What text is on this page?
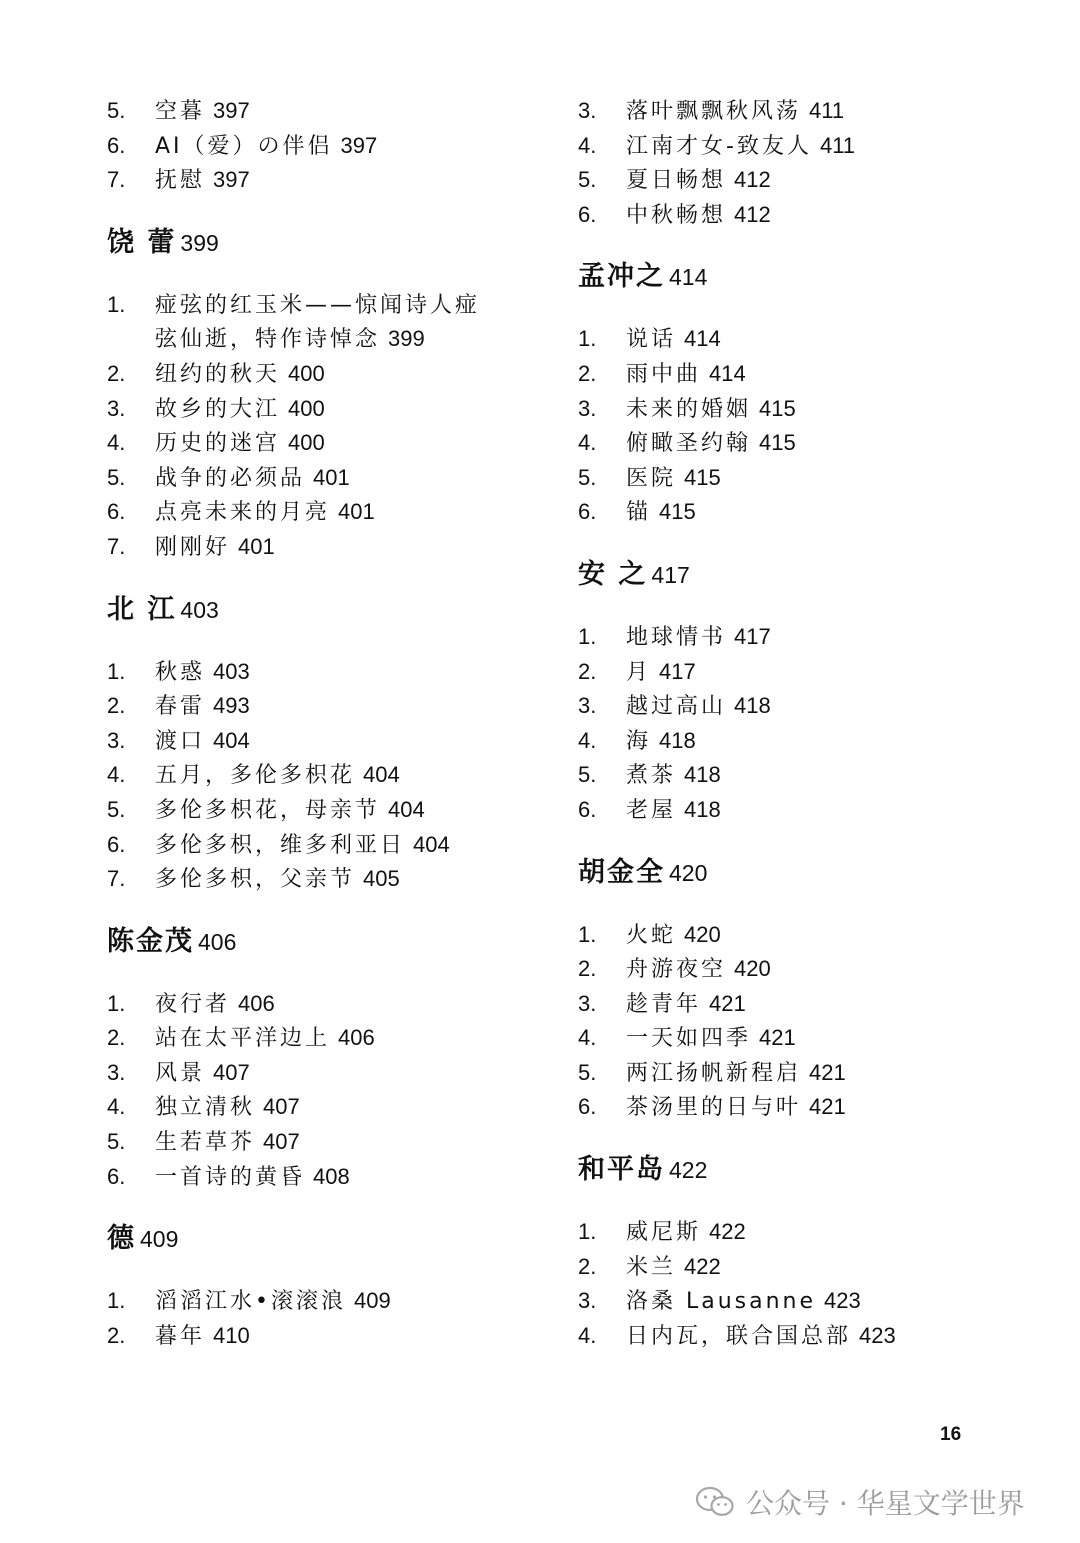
5.	空暮 397
6.	AI（爱）の伴侣 397
7.	抚慰 397
饶 蕾 399
1.	痖弦的红玉米——惊闻诗人痖
弦仙逝，特作诗悼念 399
2.	纽约的秋天 400
3.	故乡的大江 400
4.	历史的迷宫 400
5.	战争的必须品 401
6.	点亮未来的月亮 401
7.	刚刚好 401
北 江 403
1.	秋惑 403
2.	春雷 493
3.	渡口 404
4.	五月，多伦多枳花 404
5.	多伦多枳花，母亲节 404
6.	多伦多枳，维多利亚日 404
7.	多伦多枳，父亲节 405
陈金茂 406
1.	夜行者 406
2.	站在太平洋边上 406
3.	风景 407
4.	独立清秋 407
5.	生若草芥 407
6.	一首诗的黄昏 408
德 409
1.	滔滔江水•滚滚浪 409
2.	暮年 410
3.	落叶飘飘秋风荡 411
4.	江南才女-致友人 411
5.	夏日畅想 412
6.	中秋畅想 412
孟冲之 414
1.	说话 414
2.	雨中曲 414
3.	未来的婚姻 415
4.	俯瞰圣约翰 415
5.	医院 415
6.	锚 415
安 之 417
1.	地球情书 417
2.	月 417
3.	越过高山 418
4.	海 418
5.	煮茶 418
6.	老屋 418
胡金全 420
1.	火蛇 420
2.	舟游夜空 420
3.	趁青年 421
4.	一天如四季 421
5.	两江扬帆新程启 421
6.	茶汤里的日与叶 421
和平岛 422
1.	威尼斯 422
2.	米兰 422
3.	洛桑 Lausanne 423
4.	日内瓦，联合国总部 423
16
公众号 · 华星文学世界
